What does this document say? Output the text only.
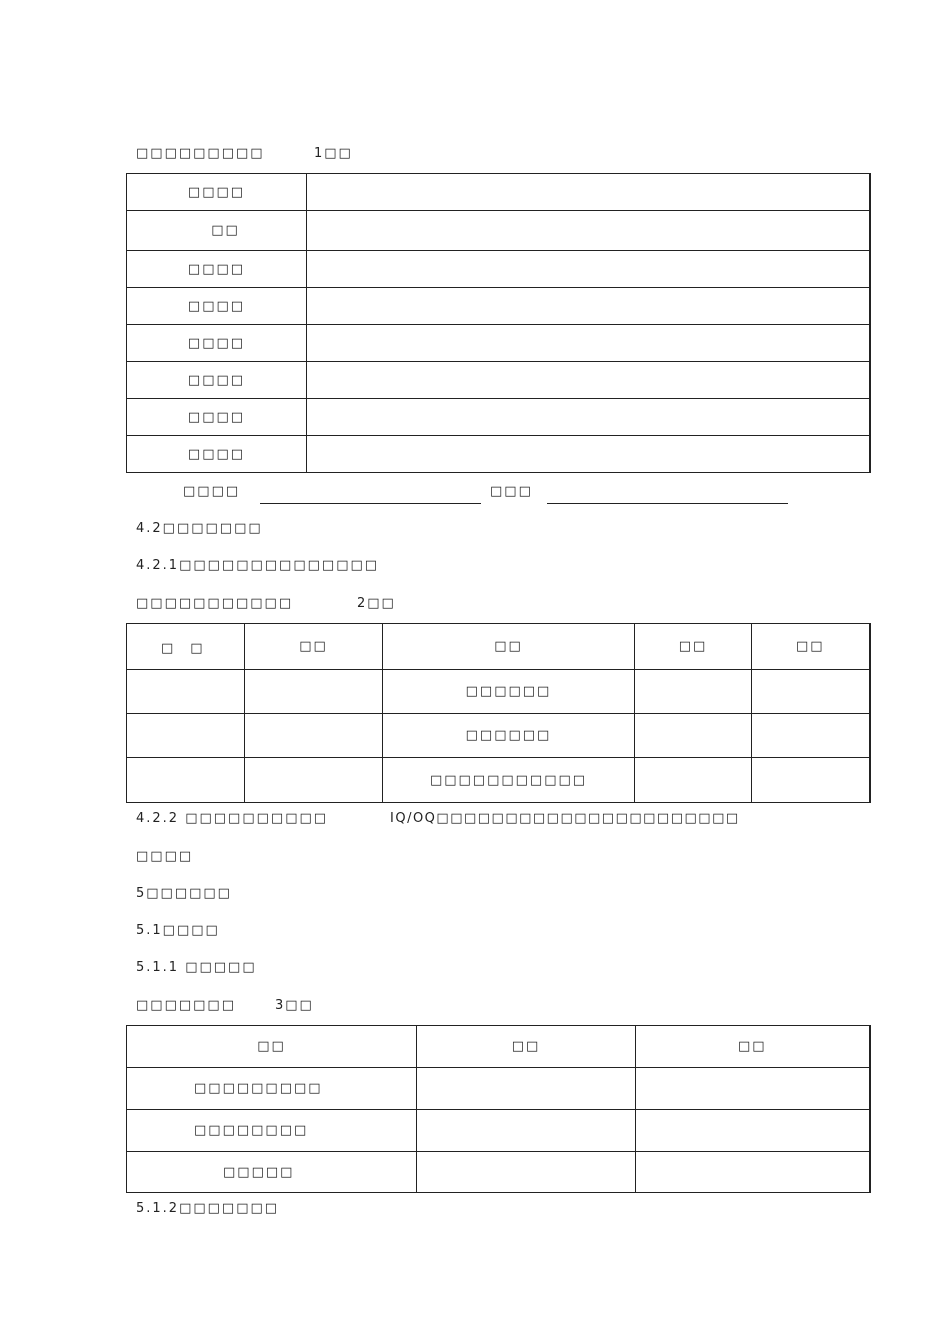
□□□□□□□□□	1□□
□□□□	
□□	
□□□□	
□□□□	
□□□□	
□□□□	
□□□□	
□□□□	
□□□□	□□□
4.2□□□□□□□
4.2.1□□□□□□□□□□□□□□
□□□□□□□□□□□	2□□
□　□	□□	□□	□□	□□
		□□□□□□		
		□□□□□□		
		□□□□□□□□□□□		
4.2.2 □□□□□□□□□□	IQ/OQ□□□□□□□□□□□□□□□□□□□□□□
□□□□
5□□□□□□
5.1□□□□
5.1.1 □□□□□
□□□□□□□	3□□
□□	□□	□□
□□□□□□□□□		
□□□□□□□□		
□□□□□		
5.1.2□□□□□□□
